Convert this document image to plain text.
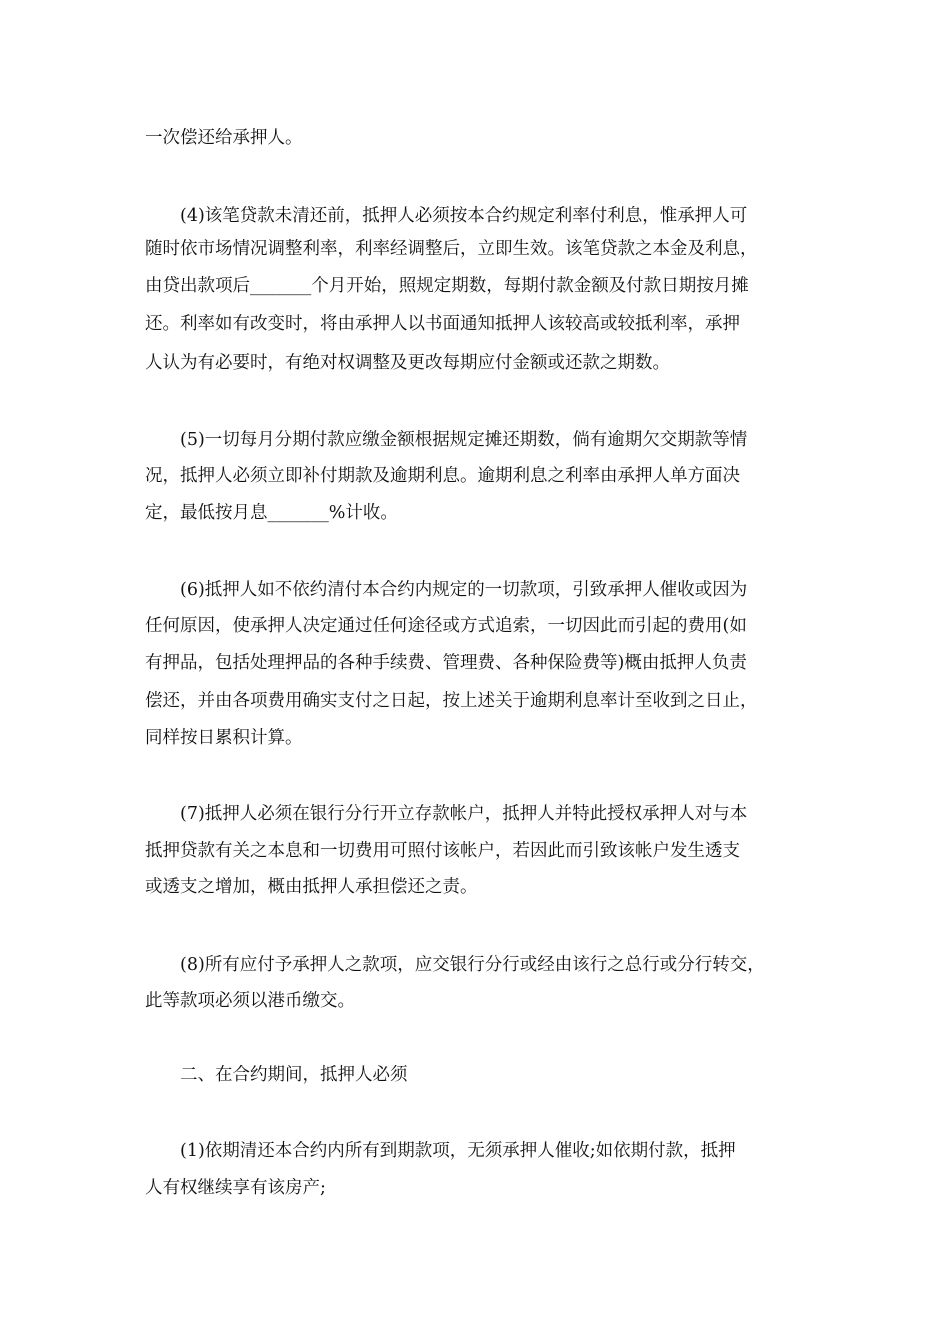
一次偿还给承押人。
(4)该笔贷款未清还前，抵押人必须按本合约规定利率付利息，惟承押人可
随时依市场情况调整利率，利率经调整后，立即生效。该笔贷款之本金及利息，
由贷出款项后_______个月开始，照规定期数，每期付款金额及付款日期按月摊
还。利率如有改变时，将由承押人以书面通知抵押人该较高或较抵利率，承押
人认为有必要时，有绝对权调整及更改每期应付金额或还款之期数。
(5)一切每月分期付款应缴金额根据规定摊还期数，倘有逾期欠交期款等情
况，抵押人必须立即补付期款及逾期利息。逾期利息之利率由承押人单方面决
定，最低按月息_______%计收。
(6)抵押人如不依约清付本合约内规定的一切款项，引致承押人催收或因为
任何原因，使承押人决定通过任何途径或方式追索，一切因此而引起的费用(如
有押品，包括处理押品的各种手续费、管理费、各种保险费等)概由抵押人负责
偿还，并由各项费用确实支付之日起，按上述关于逾期利息率计至收到之日止，
同样按日累积计算。
(7)抵押人必须在银行分行开立存款帐户，抵押人并特此授权承押人对与本
抵押贷款有关之本息和一切费用可照付该帐户，若因此而引致该帐户发生透支
或透支之增加，概由抵押人承担偿还之责。
(8)所有应付予承押人之款项，应交银行分行或经由该行之总行或分行转交，
此等款项必须以港币缴交。
二、在合约期间，抵押人必须
(1)依期清还本合约内所有到期款项，无须承押人催收;如依期付款，抵押
人有权继续享有该房产;
